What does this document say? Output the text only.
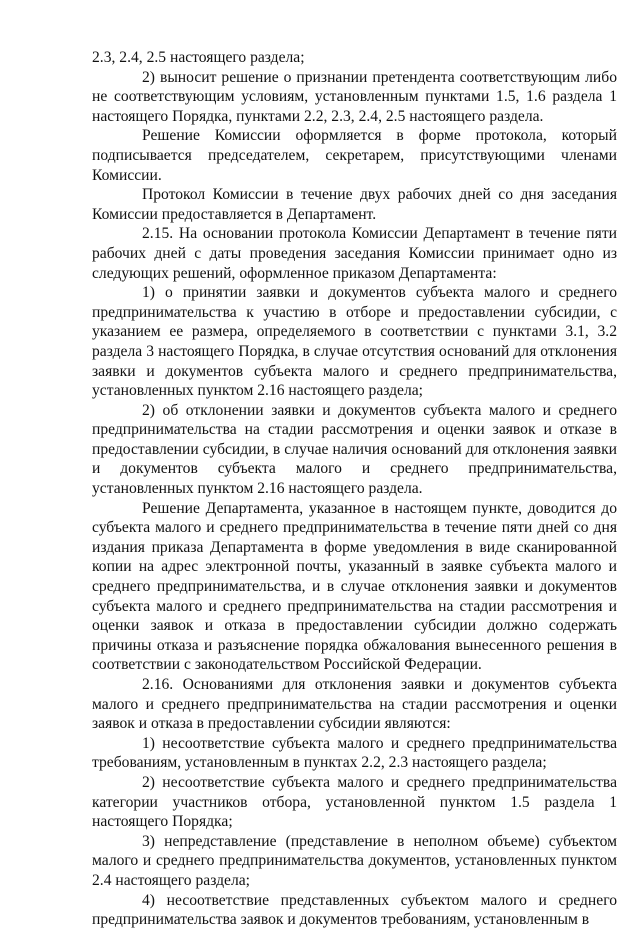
2.3, 2.4, 2.5 настоящего раздела;

2) выносит решение о признании претендента соответствующим либо не соответствующим условиям, установленным пунктами 1.5, 1.6 раздела 1 настоящего Порядка, пунктами 2.2, 2.3, 2.4, 2.5 настоящего раздела.

Решение Комиссии оформляется в форме протокола, который подписывается председателем, секретарем, присутствующими членами Комиссии.

Протокол Комиссии в течение двух рабочих дней со дня заседания Комиссии предоставляется в Департамент.

2.15. На основании протокола Комиссии Департамент в течение пяти рабочих дней с даты проведения заседания Комиссии принимает одно из следующих решений, оформленное приказом Департамента:

1) о принятии заявки и документов субъекта малого и среднего предпринимательства к участию в отборе и предоставлении субсидии, с указанием ее размера, определяемого в соответствии с пунктами 3.1, 3.2 раздела 3 настоящего Порядка, в случае отсутствия оснований для отклонения заявки и документов субъекта малого и среднего предпринимательства, установленных пунктом 2.16 настоящего раздела;

2) об отклонении заявки и документов субъекта малого и среднего предпринимательства на стадии рассмотрения и оценки заявок и отказе в предоставлении субсидии, в случае наличия оснований для отклонения заявки и документов субъекта малого и среднего предпринимательства, установленных пунктом 2.16 настоящего раздела.

Решение Департамента, указанное в настоящем пункте, доводится до субъекта малого и среднего предпринимательства в течение пяти дней со дня издания приказа Департамента в форме уведомления в виде сканированной копии на адрес электронной почты, указанный в заявке субъекта малого и среднего предпринимательства, и в случае отклонения заявки и документов субъекта малого и среднего предпринимательства на стадии рассмотрения и оценки заявок и отказа в предоставлении субсидии должно содержать причины отказа и разъяснение порядка обжалования вынесенного решения в соответствии с законодательством Российской Федерации.

2.16. Основаниями для отклонения заявки и документов субъекта малого и среднего предпринимательства на стадии рассмотрения и оценки заявок и отказа в предоставлении субсидии являются:

1) несоответствие субъекта малого и среднего предпринимательства требованиям, установленным в пунктах 2.2, 2.3 настоящего раздела;

2) несоответствие субъекта малого и среднего предпринимательства категории участников отбора, установленной пунктом 1.5 раздела 1 настоящего Порядка;

3) непредставление (представление в неполном объеме) субъектом малого и среднего предпринимательства документов, установленных пунктом 2.4 настоящего раздела;

4) несоответствие представленных субъектом малого и среднего предпринимательства заявок и документов требованиям, установленным в
